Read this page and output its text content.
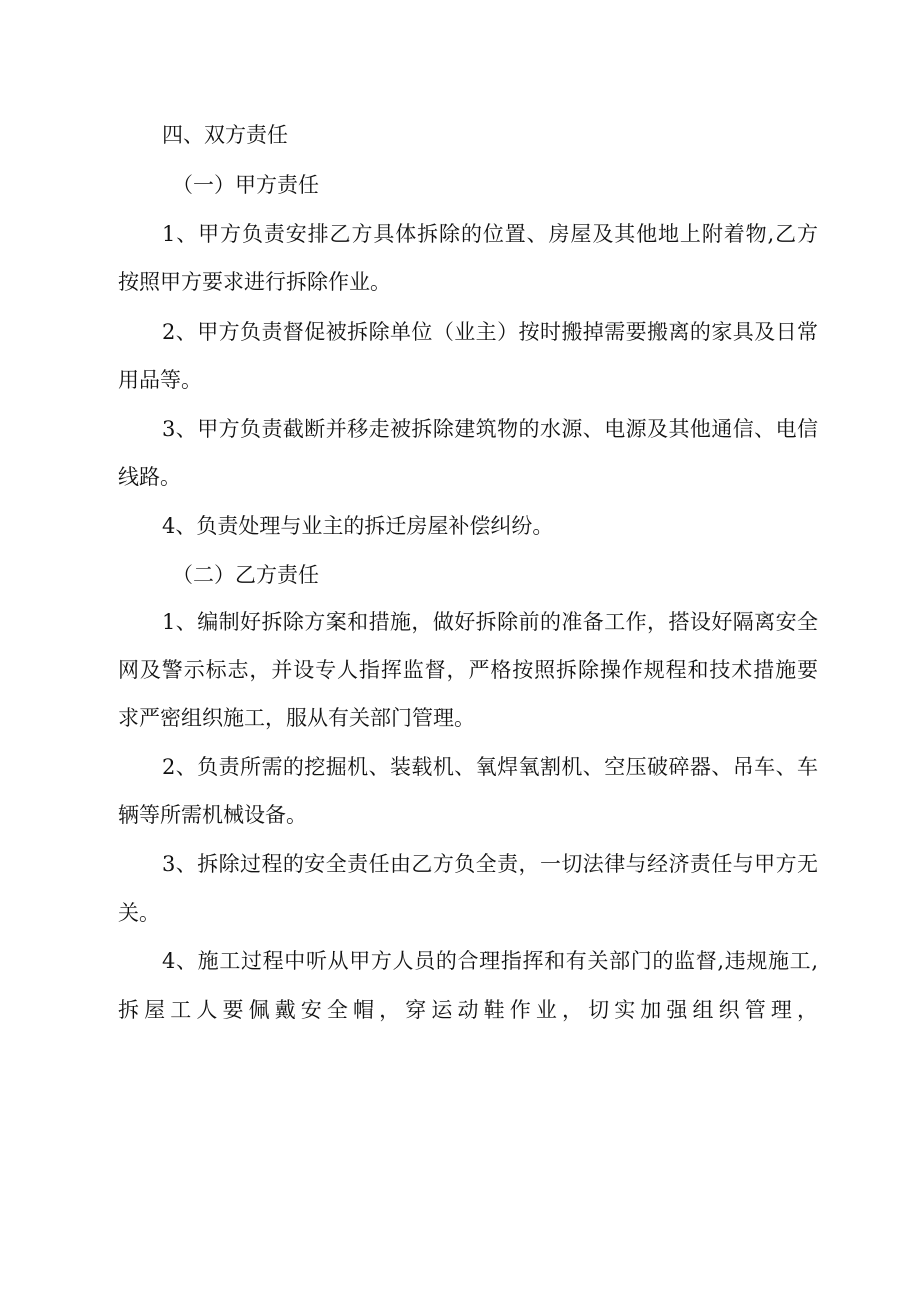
四、双方责任
（一）甲方责任
1、甲方负责安排乙方具体拆除的位置、房屋及其他地上附着物,乙方
按照甲方要求进行拆除作业。
2、甲方负责督促被拆除单位（业主）按时搬掉需要搬离的家具及日常
用品等。
3、甲方负责截断并移走被拆除建筑物的水源、电源及其他通信、电信
线路。
4、负责处理与业主的拆迁房屋补偿纠纷。
（二）乙方责任
1、编制好拆除方案和措施，做好拆除前的准备工作，搭设好隔离安全
网及警示标志，并设专人指挥监督，严格按照拆除操作规程和技术措施要
求严密组织施工，服从有关部门管理。
2、负责所需的挖掘机、装载机、氧焊氧割机、空压破碎器、吊车、车
辆等所需机械设备。
3、拆除过程的安全责任由乙方负全责，一切法律与经济责任与甲方无
关。
4、施工过程中听从甲方人员的合理指挥和有关部门的监督,违规施工,
拆屋工人要佩戴安全帽，穿运动鞋作业，切实加强组织管理，
